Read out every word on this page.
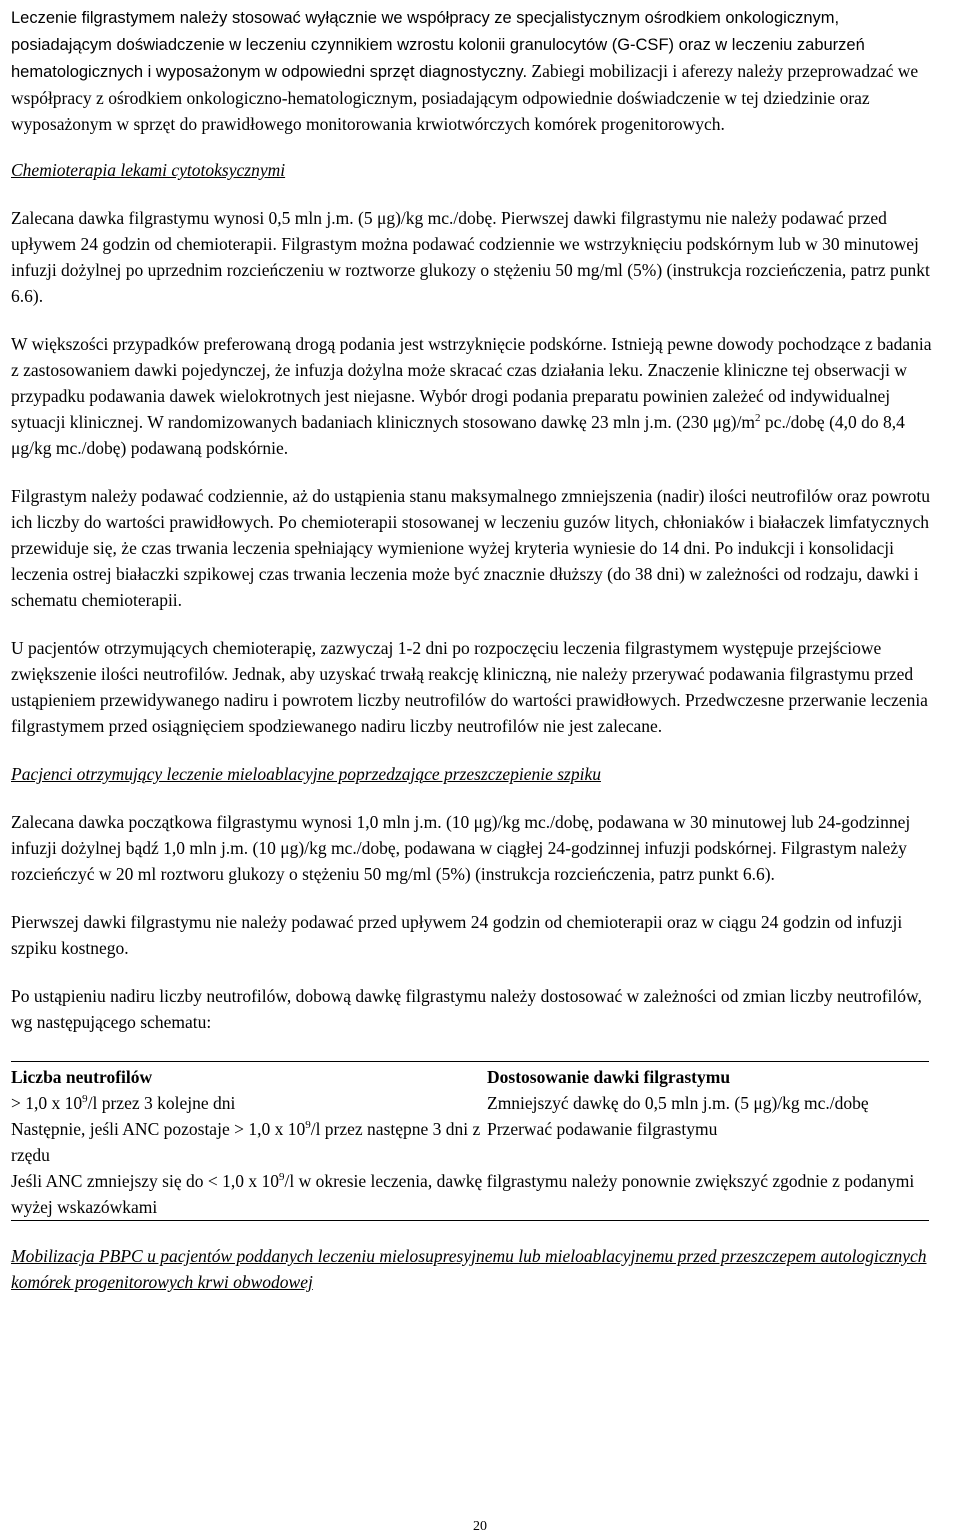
Leczenie filgrastymem należy stosować wyłącznie we współpracy ze specjalistycznym ośrodkiem onkologicznym, posiadającym doświadczenie w leczeniu czynnikiem wzrostu kolonii granulocytów (G-CSF) oraz w leczeniu zaburzeń hematologicznych i wyposażonym w odpowiedni sprzęt diagnostyczny. Zabiegi mobilizacji i aferezy należy przeprowadzać we współpracy z ośrodkiem onkologiczno-hematologicznym, posiadającym odpowiednie doświadczenie w tej dziedzinie oraz wyposażonym w sprzęt do prawidłowego monitorowania krwiotwórczych komórek progenitorowych.

Chemioterapia lekami cytotoksycznymi

Zalecana dawka filgrastymu wynosi 0,5 mln j.m. (5 μg)/kg mc./dobę. Pierwszej dawki filgrastymu nie należy podawać przed upływem 24 godzin od chemioterapii. Filgrastym można podawać codziennie we wstrzyknięciu podskórnym lub w 30 minutowej infuzji dożylnej po uprzednim rozcieńczeniu w roztworze glukozy o stężeniu 50 mg/ml (5%) (instrukcja rozcieńczenia, patrz punkt 6.6).

W większości przypadków preferowaną drogą podania jest wstrzyknięcie podskórne. Istnieją pewne dowody pochodzące z badania z zastosowaniem dawki pojedynczej, że infuzja dożylna może skracać czas działania leku. Znaczenie kliniczne tej obserwacji w przypadku podawania dawek wielokrotnych jest niejasne. Wybór drogi podania preparatu powinien zależeć od indywidualnej sytuacji klinicznej. W randomizowanych badaniach klinicznych stosowano dawkę 23 mln j.m. (230 $\mu g)/m^2$ pc./dobę (4,0 do 8,4 μg/kg mc./dobę) podawaną podskórnie.

Filgrastym należy podawać codziennie, aż do ustąpienia stanu maksymalnego zmniejszenia (nadir) ilości neutrofilów oraz powrotu ich liczby do wartości prawidłowych. Po chemioterapii stosowanej w leczeniu guzów litych, chłoniaków i białaczek limfatycznych przewiduje się, że czas trwania leczenia spełniający wymienione wyżej kryteria wyniesie do 14 dni. Po indukcji i konsolidacji leczenia ostrej białaczki szpikowej czas trwania leczenia może być znacznie dłuższy (do 38 dni) w zależności od rodzaju, dawki i schematu chemioterapii.

U pacjentów otrzymujących chemioterapię, zazwyczaj 1-2 dni po rozpoczęciu leczenia filgrastymem występuje przejściowe zwiększenie ilości neutrofilów. Jednak, aby uzyskać trwałą reakcję kliniczną, nie należy przerywać podawania filgrastymu przed ustąpieniem przewidywanego nadiru i powrotem liczby neutrofilów do wartości prawidłowych. Przedwczesne przerwanie leczenia filgrastymem przed osiągnięciem spodziewanego nadiru liczby neutrofilów nie jest zalecane.

Pacjenci otrzymujący leczenie mieloablacyjne poprzedzające przeszczepienie szpiku

Zalecana dawka początkowa filgrastymu wynosi 1,0 mln j.m. (10 μg)/kg mc./dobę, podawana w 30 minutowej lub 24-godzinnej infuzji dożylnej bądź 1,0 mln j.m. (10 μg)/kg mc./dobę, podawana w ciągłej 24-godzinnej infuzji podskórnej. Filgrastym należy rozcieńczyć w 20 ml roztworu glukozy o stężeniu 50 mg/ml (5%) (instrukcja rozcieńczenia, patrz punkt 6.6).

Pierwszej dawki filgrastymu nie należy podawać przed upływem 24 godzin od chemioterapii oraz w ciągu 24 godzin od infuzji szpiku kostnego.

Po ustąpieniu nadiru liczby neutrofilów, dobową dawkę filgrastymu należy dostosować w zależności od zmian liczby neutrofilów, wg następującego schematu:

Liczba neutrofilów	Dostosowanie dawki filgrastymu
> 1,0 x $10^9/l$ przez 3 kolejne dni	Zmniejszyć dawkę do 0,5 mln j.m. (5 μg)/kg mc./dobę
Następnie, jeśli ANC pozostaje > 1,0 x $10^9/l$ przez następne 3 dni z rzędu	Przerwać podawanie filgrastymu
Jeśli ANC zmniejszy się do < 1,0 x $10^9/l$ w okresie leczenia, dawkę filgrastymu należy ponownie zwiększyć zgodnie z podanymi wyżej wskazówkami	

Mobilizacja PBPC u pacjentów poddanych leczeniu mielosupresyjnemu lub mieloablacyjnemu przed przeszczepem autologicznych komórek progenitorowych krwi obwodowej

20
